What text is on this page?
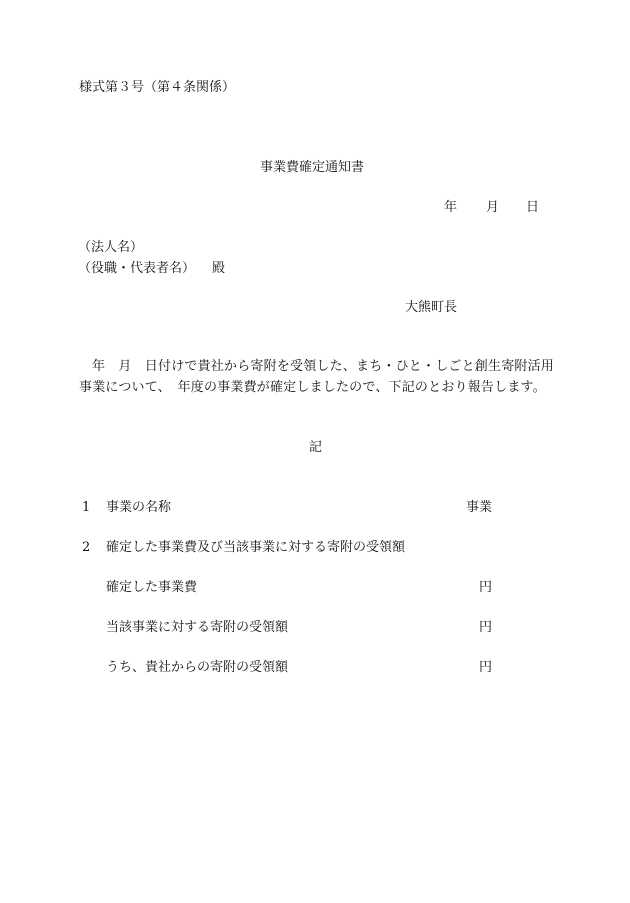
様式第３号（第４条関係）
事業費確定通知書
年 月 日
（法人名）
（役職・代表者名） 殿
大熊町長
年　月　日付けで貴社から寄附を受領した、まち・ひと・しごと創生寄附活用
事業について、　年度の事業費が確定しましたので、下記のとおり報告します。
記
1 事業の名称	事業
2 確定した事業費及び当該事業に対する寄附の受領額
確定した事業費	円
当該事業に対する寄附の受領額	円
うち、貴社からの寄附の受領額	円
